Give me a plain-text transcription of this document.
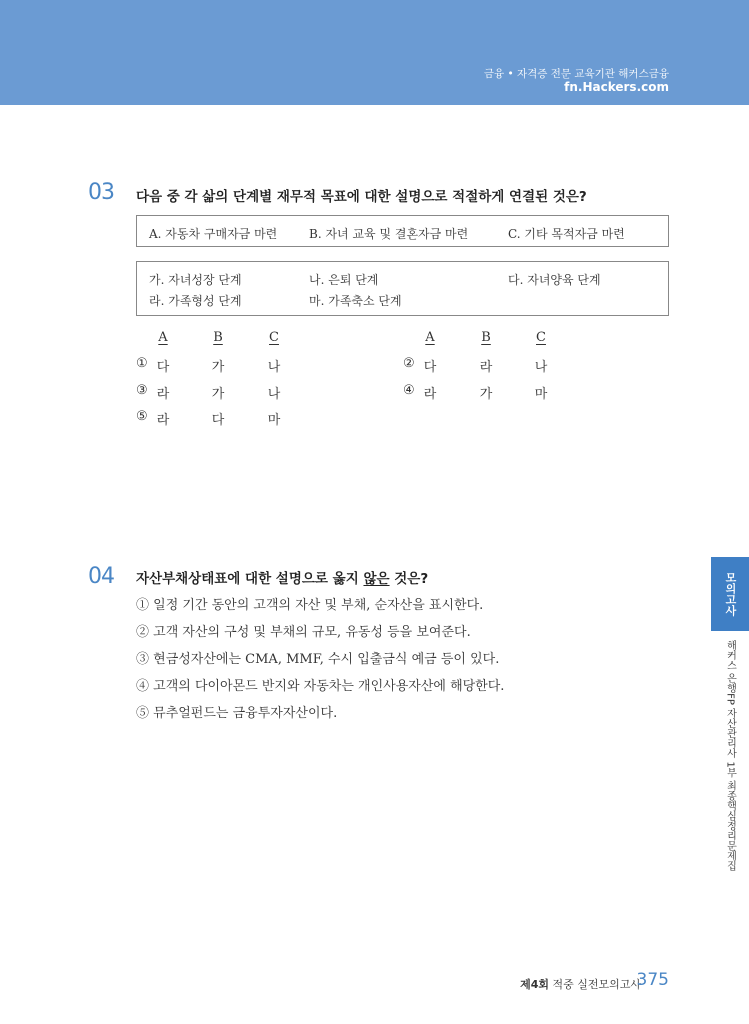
금융 • 자격증 전문 교육기관 해커스금융
fn.Hackers.com
03 다음 중 각 삶의 단계별 재무적 목표에 대한 설명으로 적절하게 연결된 것은?
A. 자동차 구매자금 마련	B. 자녀 교육 및 결혼자금 마련	C. 기타 목적자금 마련
가. 자녀성장 단계	나. 은퇴 단계	다. 자녀양육 단계
라. 가족형성 단계	마. 가족축소 단계
A	B	C	A	B	C
① 다	가	나	② 다	라	나
③ 라	가	나	④ 라	가	마
⑤ 라	다	마
04 자산부채상태표에 대한 설명으로 옳지 않은 것은?
① 일정 기간 동안의 고객의 자산 및 부채, 순자산을 표시한다.
② 고객 자산의 구성 및 부채의 규모, 유동성 등을 보여준다.
③ 현금성자산에는 CMA, MMF, 수시 입출금식 예금 등이 있다.
④ 고객의 다이아몬드 반지와 자동차는 개인사용자산에 해당한다.
⑤ 뮤추얼펀드는 금융투자자산이다.
모의고사
해커스 은행FP 자산관리사 1부 최종핵심정리문제집
제4회 적중 실전모의고사
375
